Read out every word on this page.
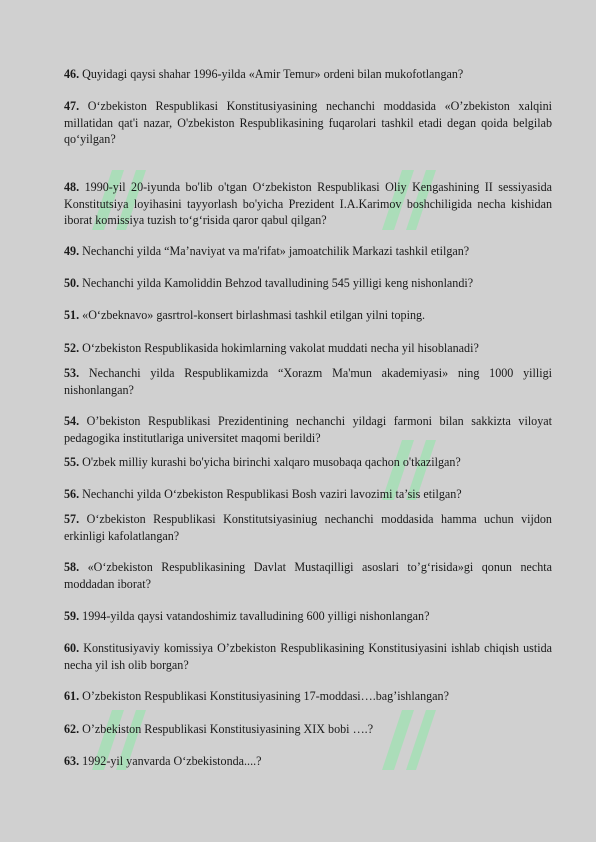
46. Quyidagi qaysi shahar 1996-yilda «Amir Temur» ordeni bilan mukofotlangan?

47. O‘zbekiston Respublikasi Konstitusiyasining nechanchi moddasida «O’zbekiston xalqini millatidan qat'i nazar, O'zbekiston Respublikasining fuqarolari tashkil etadi degan qoida belgilab qo‘yilgan?

48. 1990-yil 20-iyunda bo'lib o'tgan O‘zbekiston Respublikasi Oliy Kengashining II sessiyasida Konstitutsiya loyihasini tayyorlash bo'yicha Prezident I.A.Karimov boshchiligida necha kishidan iborat komissiya tuzish to‘g‘risida qaror qabul qilgan?

49. Nechanchi yilda “Ma’naviyat va ma'rifat» jamoatchilik Markazi tashkil etilgan?

50. Nechanchi yilda Kamoliddin Behzod tavalludining 545 yilligi keng nishonlandi?

51. «O‘zbeknavo» gasrtrol-konsert birlashmasi tashkil etilgan yilni toping.

52. O‘zbekiston Respublikasida hokimlarning vakolat muddati necha yil hisoblanadi?

53. Nechanchi yilda Respublikamizda “Xorazm Ma'mun akademiyasi» ning 1000 yilligi nishonlangan?

54. O’bekiston Respublikasi Prezidentining nechanchi yildagi farmoni bilan sakkizta viloyat pedagogika institutlariga universitet maqomi berildi?

55. O'zbek milliy kurashi bo'yicha birinchi xalqaro musobaqa qachon o'tkazilgan?

56. Nechanchi yilda O‘zbekiston Respublikasi Bosh vaziri lavozimi ta’sis etilgan?

57. O‘zbekiston Respublikasi Konstitutsiyasiniug nechanchi moddasida hamma uchun vijdon erkinligi kafolatlangan?

58. «O‘zbekiston Respublikasining Davlat Mustaqilligi asoslari to’g‘risida»gi qonun nechta moddadan iborat?

59. 1994-yilda qaysi vatandoshimiz tavalludining 600 yilligi nishonlangan?

60. Konstitusiyaviy komissiya O’zbekiston Respublikasining Konstitusiyasini ishlab chiqish ustida necha yil ish olib borgan?

61. O’zbekiston Respublikasi Konstitusiyasining 17-moddasi….bag’ishlangan?

62. O’zbekiston Respublikasi Konstitusiyasining XIX bobi ….?

63. 1992-yil yanvarda O‘zbekistonda....?
